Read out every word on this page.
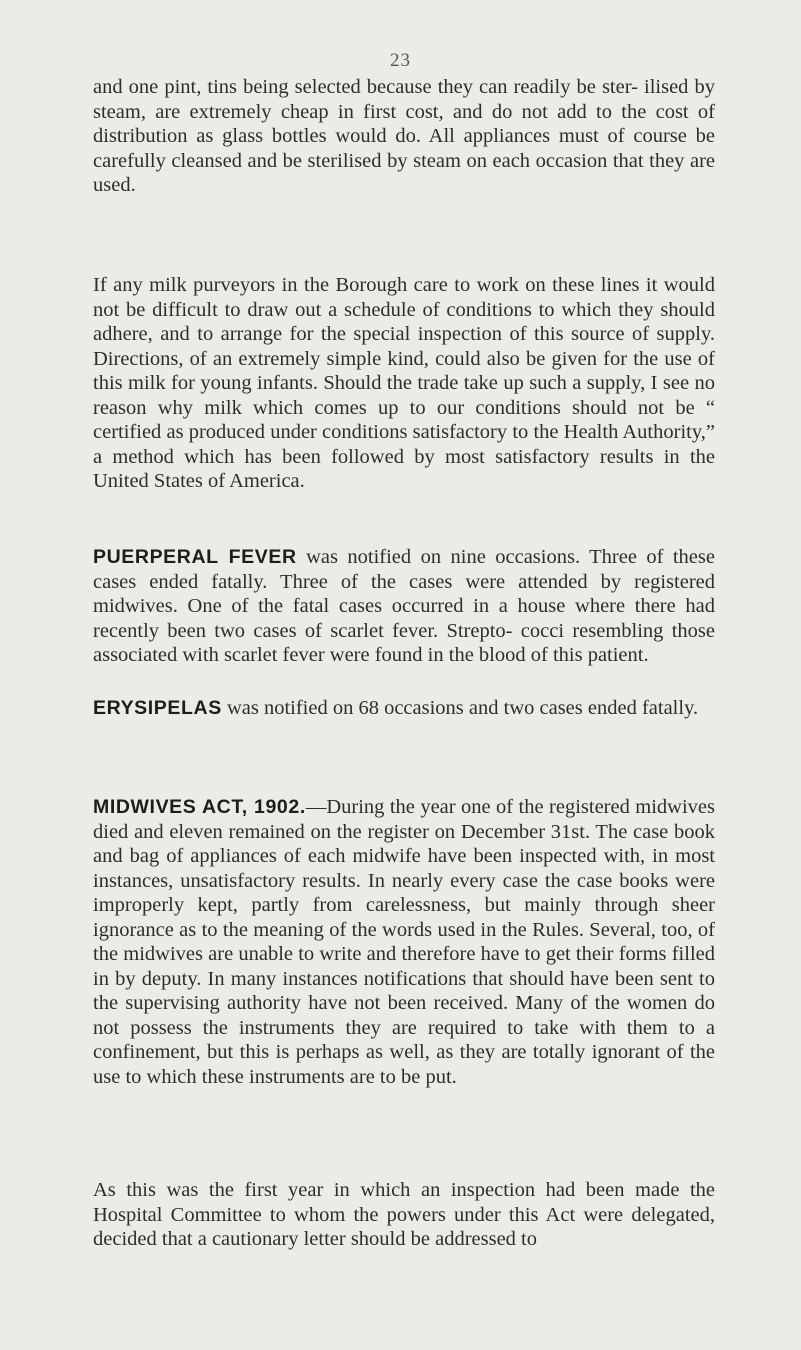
23

and one pint, tins being selected because they can readily be ster- ilised by steam, are extremely cheap in first cost, and do not add to the cost of distribution as glass bottles would do. All appliances must of course be carefully cleansed and be sterilised by steam on each occasion that they are used.

If any milk purveyors in the Borough care to work on these lines it would not be difficult to draw out a schedule of conditions to which they should adhere, and to arrange for the special inspection of this source of supply. Directions, of an extremely simple kind, could also be given for the use of this milk for young infants. Should the trade take up such a supply, I see no reason why milk which comes up to our conditions should not be “ certified as produced under conditions satisfactory to the Health Authority,” a method which has been followed by most satisfactory results in the United States of America.

PUERPERAL FEVER was notified on nine occasions. Three of these cases ended fatally. Three of the cases were attended by registered midwives. One of the fatal cases occurred in a house where there had recently been two cases of scarlet fever. Strepto- cocci resembling those associated with scarlet fever were found in the blood of this patient.

ERYSIPELAS was notified on 68 occasions and two cases ended fatally.

MIDWIVES ACT, 1902.—During the year one of the registered midwives died and eleven remained on the register on December 31st. The case book and bag of appliances of each midwife have been inspected with, in most instances, unsatisfactory results. In nearly every case the case books were improperly kept, partly from carelessness, but mainly through sheer ignorance as to the meaning of the words used in the Rules. Several, too, of the midwives are unable to write and therefore have to get their forms filled in by deputy. In many instances notifications that should have been sent to the supervising authority have not been received. Many of the women do not possess the instruments they are required to take with them to a confinement, but this is perhaps as well, as they are totally ignorant of the use to which these instruments are to be put.

As this was the first year in which an inspection had been made the Hospital Committee to whom the powers under this Act were delegated, decided that a cautionary letter should be addressed to
